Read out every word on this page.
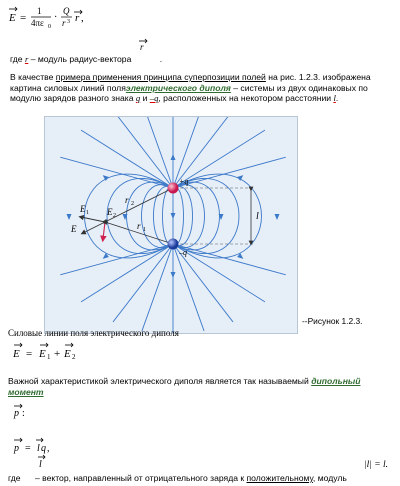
E =
1
4πε 0
·
Q
r 3 r ,
r
где r – модуль радиус-вектора	.
В качестве примера применения принципа суперпозиции полей на рис. 1.2.3. изображена картина силовых линий поляэлектрического диполя – системы из двух одинаковых по модулю зарядов разного знака q и –q, расположенных на некотором расстоянии l.
l
r 2
r 1
E 1
E
E 2
+q
–q
--Рисунок 1.2.3.
Силовые линии поля электрического диполя
E = E 1 + E 2
Важной характеристикой электрического диполя является так называемый дипольный момент
p :
p = l q ,
l	|l| = l.
где – вектор, направленный от отрицательного заряда к положительному, модуль
